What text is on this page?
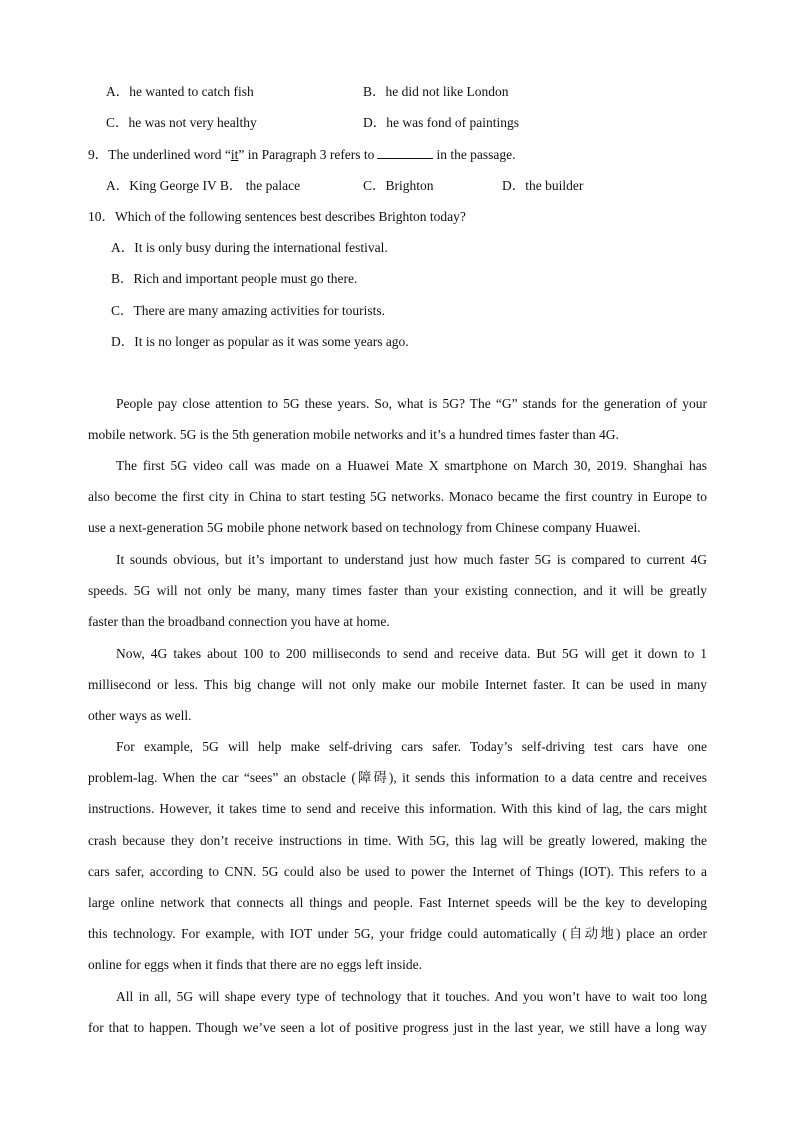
A．he wanted to catch fish	B．he did not like London
C．he was not very healthy	D．he was fond of paintings
9．The underlined word “it” in Paragraph 3 refers to	in the passage.
A．King George IV B． the palace	C．Brighton	D．the builder
10．Which of the following sentences best describes Brighton today?
A．It is only busy during the international festival.
B．Rich and important people must go there.
C．There are many amazing activities for tourists.
D．It is no longer as popular as it was some years ago.
People pay close attention to 5G these years. So, what is 5G? The “G” stands for the generation of your
mobile network. 5G is the 5th generation mobile networks and it’s a hundred times faster than 4G.
The first 5G video call was made on a Huawei Mate X smartphone on March 30, 2019. Shanghai has
also become the first city in China to start testing 5G networks. Monaco became the first country in Europe to
use a next-generation 5G mobile phone network based on technology from Chinese company Huawei.
It sounds obvious, but it’s important to understand just how much faster 5G is compared to current 4G
speeds. 5G will not only be many, many times faster than your existing connection, and it will be greatly
faster than the broadband connection you have at home.
Now, 4G takes about 100 to 200 milliseconds to send and receive data. But 5G will get it down to 1
millisecond or less. This big change will not only make our mobile Internet faster. It can be used in many
other ways as well.
For example, 5G will help make self-driving cars safer. Today’s self-driving test cars have one
problem-lag. When the car “sees” an obstacle (障碍), it sends this information to a data centre and receives
instructions. However, it takes time to send and receive this information. With this kind of lag, the cars might
crash because they don’t receive instructions in time. With 5G, this lag will be greatly lowered, making the
cars safer, according to CNN. 5G could also be used to power the Internet of Things (IOT). This refers to a
large online network that connects all things and people. Fast Internet speeds will be the key to developing
this technology. For example, with IOT under 5G, your fridge could automatically (自动地) place an order
online for eggs when it finds that there are no eggs left inside.
All in all, 5G will shape every type of technology that it touches. And you won’t have to wait too long
for that to happen. Though we’ve seen a lot of positive progress just in the last year, we still have a long way
